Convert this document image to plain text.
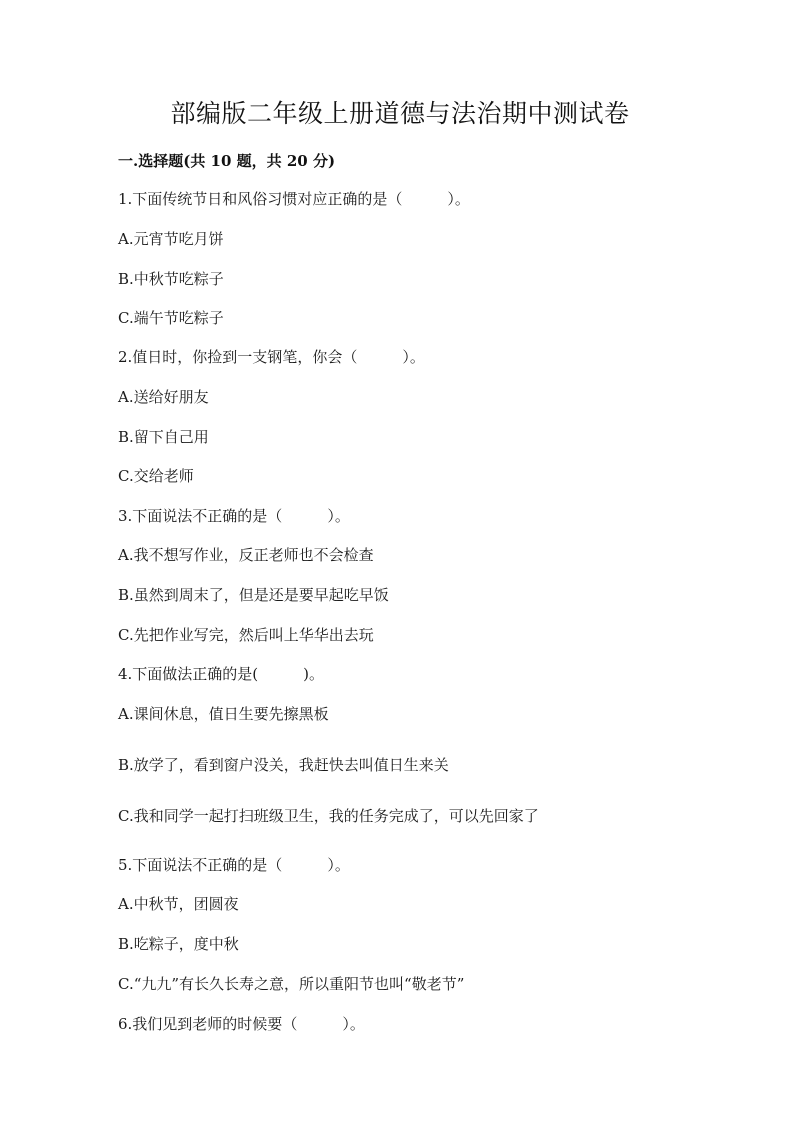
部编版二年级上册道德与法治期中测试卷
一.选择题(共 10 题，共 20 分)
1.下面传统节日和风俗习惯对应正确的是（　　　）。
A.元宵节吃月饼
B.中秋节吃粽子
C.端午节吃粽子
2.值日时，你捡到一支钢笔，你会（　　　）。
A.送给好朋友
B.留下自己用
C.交给老师
3.下面说法不正确的是（　　　）。
A.我不想写作业，反正老师也不会检查
B.虽然到周末了，但是还是要早起吃早饭
C.先把作业写完，然后叫上华华出去玩
4.下面做法正确的是(　　　)。
A.课间休息，值日生要先擦黑板
B.放学了，看到窗户没关，我赶快去叫值日生来关
C.我和同学一起打扫班级卫生，我的任务完成了，可以先回家了
5.下面说法不正确的是（　　　）。
A.中秋节，团圆夜
B.吃粽子，度中秋
C.“九九”有长久长寿之意，所以重阳节也叫“敬老节”
6.我们见到老师的时候要（　　　）。
